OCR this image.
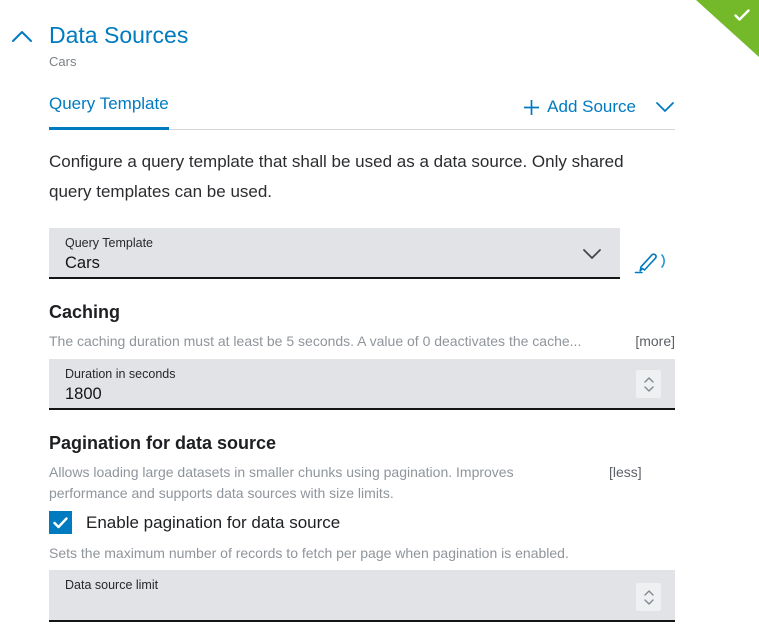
Data Sources
Cars
Query Template	Add Source
Configure a query template that shall be used as a data source. Only shared query templates can be used.
Query Template
Cars
Caching
The caching duration must at least be 5 seconds. A value of 0 deactivates the cache...	[more]
Duration in seconds
1800
Pagination for data source
Allows loading large datasets in smaller chunks using pagination. Improves performance and supports data sources with size limits.
[less]
Enable pagination for data source
Sets the maximum number of records to fetch per page when pagination is enabled.
Data source limit
